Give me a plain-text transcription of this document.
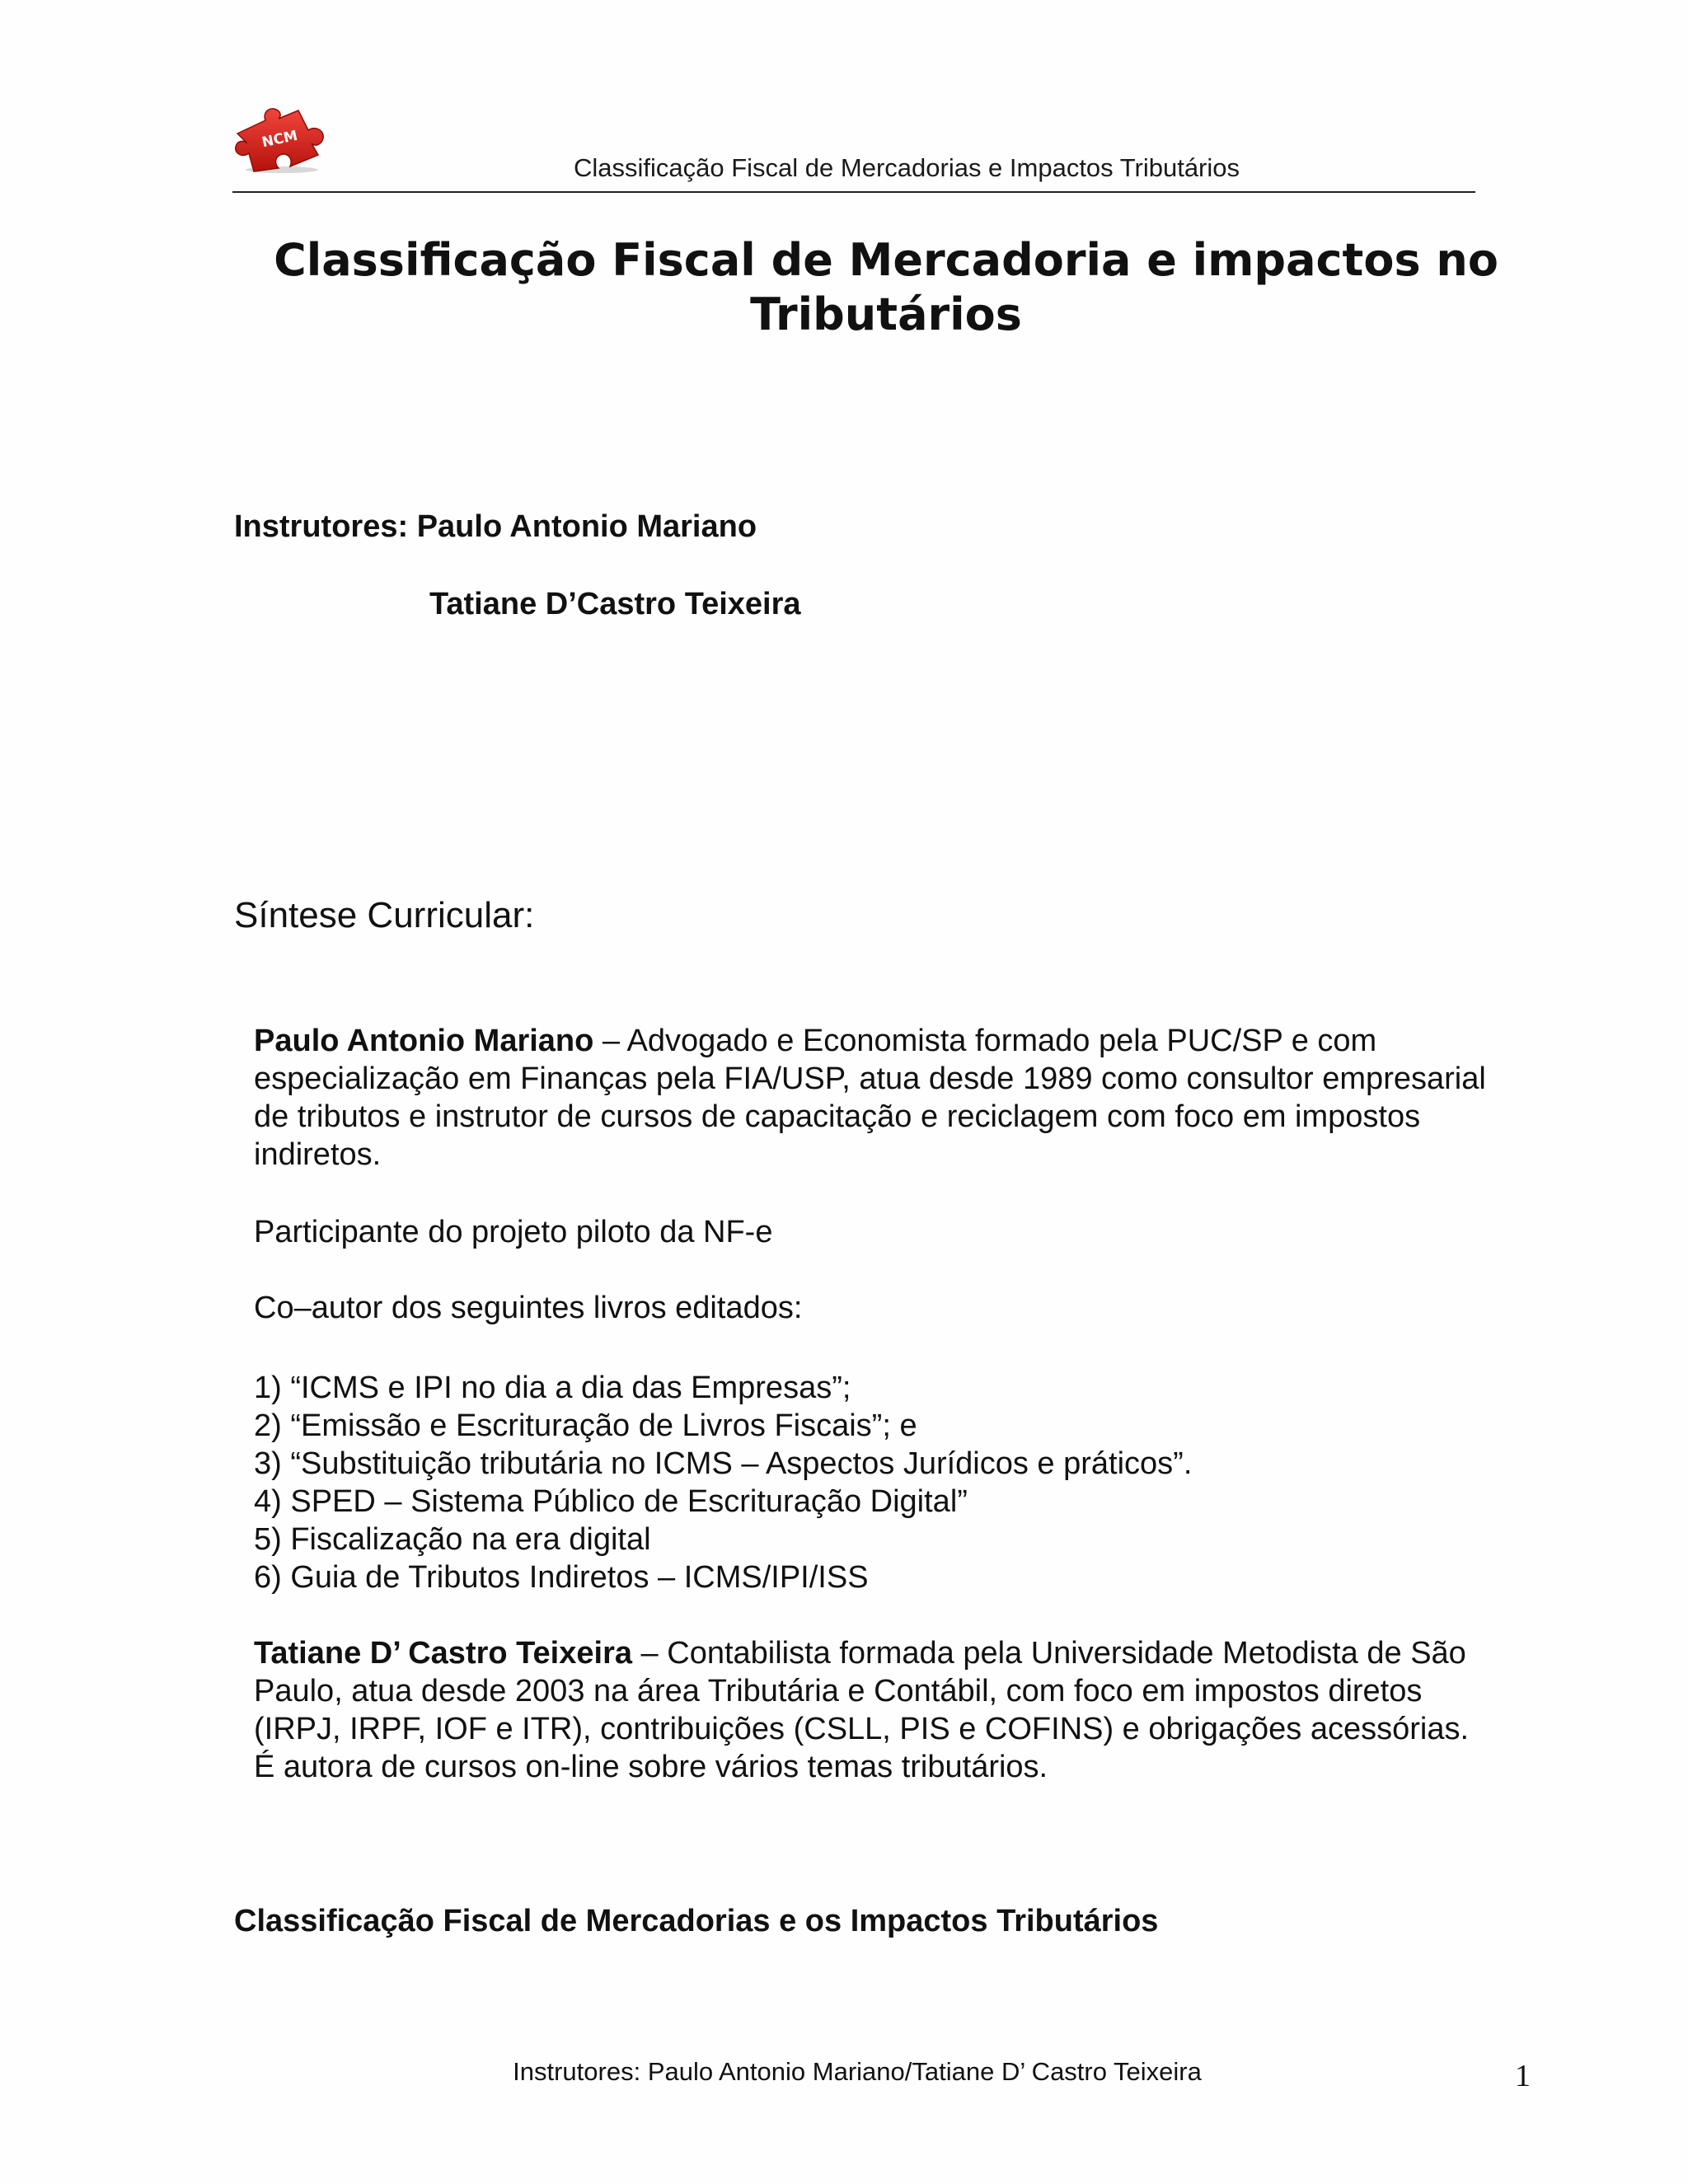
NCM
Classificação Fiscal de Mercadorias e Impactos Tributários
Classificação Fiscal de Mercadoria e impactos no
Tributários
Instrutores: Paulo Antonio Mariano
Tatiane D’Castro Teixeira
Síntese Curricular:
Paulo Antonio Mariano – Advogado e Economista formado pela PUC/SP e com especialização em Finanças pela FIA/USP, atua desde 1989 como consultor empresarial de tributos e instrutor de cursos de capacitação e reciclagem com foco em impostos indiretos.
Participante do projeto piloto da NF-e
Co–autor dos seguintes livros editados:
1) “ICMS e IPI no dia a dia das Empresas”;
2) “Emissão e Escrituração de Livros Fiscais”; e
3) “Substituição tributária no ICMS – Aspectos Jurídicos e práticos”.
4) SPED – Sistema Público de Escrituração Digital”
5) Fiscalização na era digital
6) Guia de Tributos Indiretos – ICMS/IPI/ISS
Tatiane D’ Castro Teixeira – Contabilista formada pela Universidade Metodista de São Paulo, atua desde 2003 na área Tributária e Contábil, com foco em impostos diretos (IRPJ, IRPF, IOF e ITR), contribuições (CSLL, PIS e COFINS) e obrigações acessórias. É autora de cursos on-line sobre vários temas tributários.
Classificação Fiscal de Mercadorias e os Impactos Tributários
Instrutores: Paulo Antonio Mariano/Tatiane D’ Castro Teixeira	1
